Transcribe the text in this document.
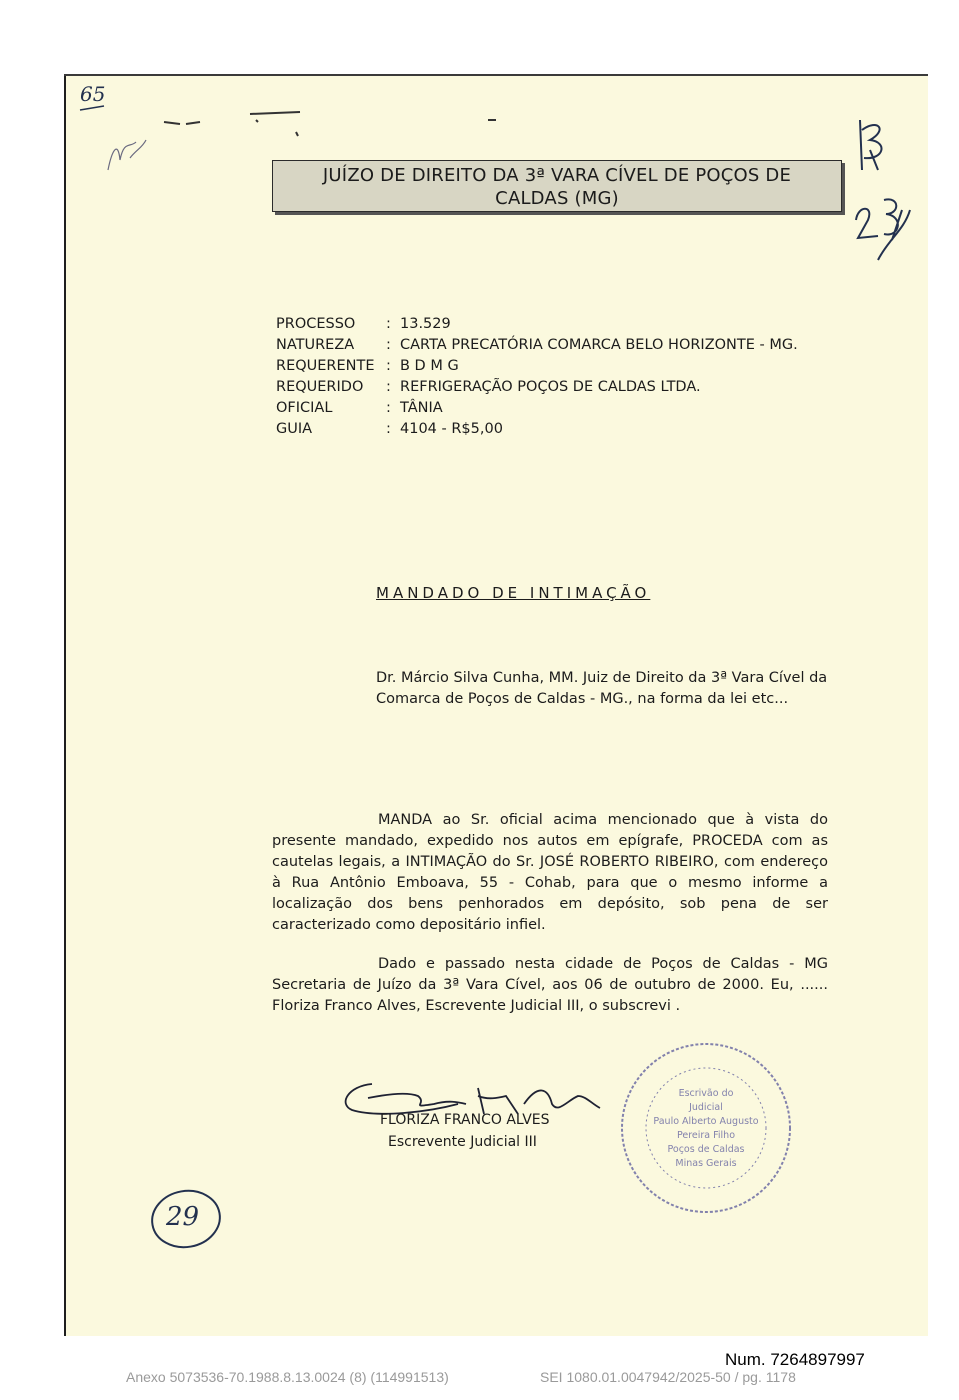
65
JUÍZO DE DIREITO DA 3ª VARA CÍVEL DE POÇOS DE
CALDAS (MG)
PROCESSO : 13.529
NATUREZA : CARTA PRECATÓRIA COMARCA BELO HORIZONTE - MG.
REQUERENTE : B D M G
REQUERIDO : REFRIGERAÇÃO POÇOS DE CALDAS LTDA.
OFICIAL	: TÂNIA
GUIA	: 4104 - R$5,00
MANDADO DE INTIMAÇÃO
Dr. Márcio Silva Cunha, MM. Juiz de Direito da 3ª Vara Cível da Comarca de Poços de Caldas - MG., na forma da lei etc...
MANDA ao Sr. oficial acima mencionado que à vista do presente mandado, expedido nos autos em epígrafe, PROCEDA com as cautelas legais, a INTIMAÇÃO do Sr. JOSÉ ROBERTO RIBEIRO, com endereço à Rua Antônio Emboava, 55 - Cohab, para que o mesmo informe a localização dos bens penhorados em depósito, sob pena de ser caracterizado como depositário infiel.
Dado e passado nesta cidade de Poços de Caldas - MG Secretaria de Juízo da 3ª Vara Cível, aos 06 de outubro de 2000. Eu, ...... Floriza Franco Alves, Escrevente Judicial III, o subscrevi .
FLORIZA FRANCO ALVES
Escrevente Judicial III
Escrivão do
Judicial
Paulo Alberto Augusto
Pereira Filho
Poços de Caldas
Minas Gerais
29
Num. 7264897997
Anexo 5073536-70.1988.8.13.0024 (8) (114991513)	SEI 1080.01.0047942/2025-50 / pg. 1178
